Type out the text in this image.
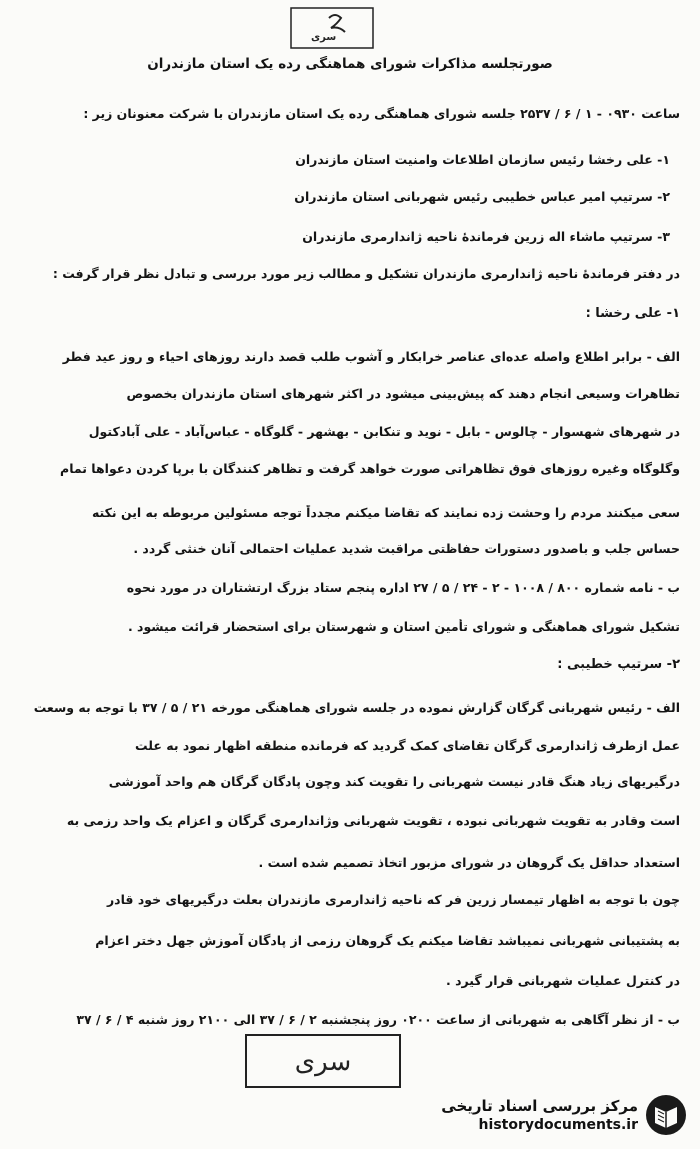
سری
صورتجلسه مذاکرات شورای هماهنگی رده یک استان مازندران
ساعت ۰۹۳۰ - ۱ / ۶ / ۲۵۳۷ جلسه شورای هماهنگی رده یک استان مازندران با شرکت معنونان زیر :
۱- علی رخشا رئیس سازمان اطلاعات وامنیت استان مازندران
۲- سرتیپ امیر عباس خطیبی رئیس شهربانی استان مازندران
۳- سرتیپ ماشاء اله زرین فرماندهٔ ناحیه ژاندارمری مازندران
در دفتر فرماندهٔ ناحیه ژاندارمری مازندران تشکیل و مطالب زیر مورد بررسی و تبادل نظر قرار گرفت :
۱- علی رخشا :
الف - برابر اطلاع واصله عده‌ای عناصر خرابکار و آشوب طلب قصد دارند روزهای احیاء و روز عید فطر
تظاهرات وسیعی انجام دهند که پیش‌بینی میشود در اکثر شهرهای استان مازندران بخصوص
در شهرهای شهسوار - چالوس - بابل - نوید و تنکابن - بهشهر - گلوگاه - عباس‌آباد - علی آبادکتول
وگلوگاه وغیره روزهای فوق تظاهراتی صورت خواهد گرفت و تظاهر کنندگان با برپا کردن دعواها تمام
سعی میکنند مردم را وحشت زده نمایند که تقاضا میکنم مجدداً توجه مسئولین مربوطه به این نکته
حساس جلب و باصدور دستورات حفاظتی مراقبت شدید عملیات احتمالی آنان خنثی گردد .
ب - نامه شماره ۸۰۰ / ۱۰۰۸ - ۲ - ۲۴ / ۵ / ۲۷ اداره پنجم ستاد بزرگ ارتشتاران در مورد نحوه
تشکیل شورای هماهنگی و شورای تأمین استان و شهرستان برای استحضار قرائت میشود .
۲- سرتیپ خطیبی :
الف - رئیس شهربانی گرگان گزارش نموده در جلسه شورای هماهنگی مورخه ۲۱ / ۵ / ۳۷ با توجه به وسعت
عمل ازطرف ژاندارمری گرگان تقاضای کمک گردید که فرمانده منطقه اظهار نمود به علت
درگیریهای زیاد هنگ قادر نیست شهربانی را تقویت کند وچون پادگان گرگان هم واحد آموزشی
است وقادر به تقویت شهربانی نبوده ، تقویت شهربانی وژاندارمری گرگان و اعزام یک واحد رزمی به
استعداد حداقل یک گروهان در شورای مزبور اتخاذ تصمیم شده است .
چون با توجه به اظهار تیمسار زرین فر که ناحیه ژاندارمری مازندران بعلت درگیریهای خود قادر
به پشتیبانی شهربانی نمیباشد تقاضا میکنم یک گروهان رزمی از پادگان آموزش جهل دختر اعزام
در کنترل عملیات شهربانی قرار گیرد .
ب - از نظر آگاهی به شهربانی از ساعت ۰۲۰۰ روز پنجشنبه ۲ / ۶ / ۳۷ الی ۲۱۰۰ روز شنبه ۴ / ۶ / ۳۷
سری
مرکز بررسی اسناد تاریخی
historydocuments.ir
